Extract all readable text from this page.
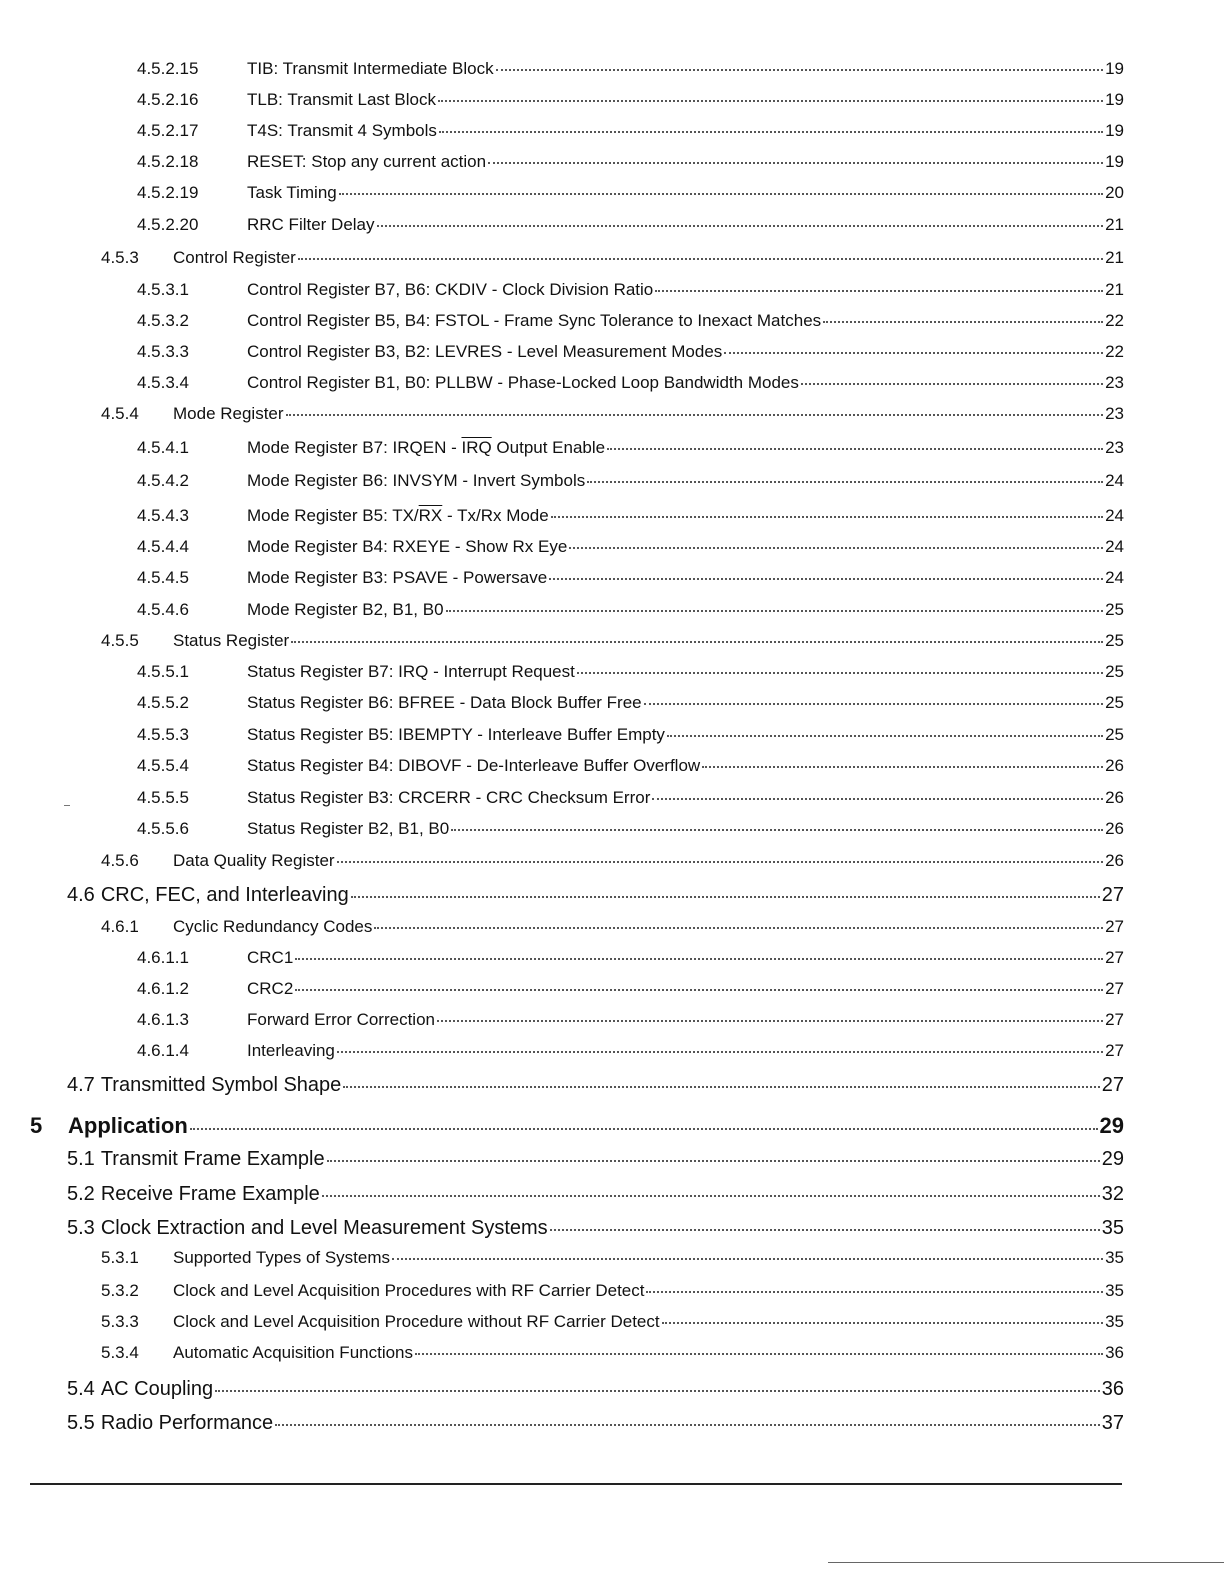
4.5.2.15	TIB: Transmit Intermediate Block	19
4.5.2.16	TLB: Transmit Last Block	19
4.5.2.17	T4S: Transmit 4 Symbols	19
4.5.2.18	RESET: Stop any current action	19
4.5.2.19	Task Timing	20
4.5.2.20	RRC Filter Delay	21
4.5.3	Control Register	21
4.5.3.1	Control Register B7, B6: CKDIV - Clock Division Ratio	21
4.5.3.2	Control Register B5, B4: FSTOL - Frame Sync Tolerance to Inexact Matches	22
4.5.3.3	Control Register B3, B2: LEVRES - Level Measurement Modes	22
4.5.3.4	Control Register B1, B0: PLLBW - Phase-Locked Loop Bandwidth Modes	23
4.5.4	Mode Register	23
4.5.4.1	Mode Register B7: IRQEN - $\overline{IRQ}$ Output Enable	23
4.5.4.2	Mode Register B6: INVSYM - Invert Symbols	24
4.5.4.3	Mode Register B5: $TX/\overline{RX} - Tx/Rx$ Mode	24
4.5.4.4	Mode Register B4: RXEYE - Show Rx Eye	24
4.5.4.5	Mode Register B3: PSAVE - Powersave	24
4.5.4.6	Mode Register B2, B1, B0	25
4.5.5	Status Register	25
4.5.5.1	Status Register B7: IRQ - Interrupt Request	25
4.5.5.2	Status Register B6: BFREE - Data Block Buffer Free	25
4.5.5.3	Status Register B5: IBEMPTY - Interleave Buffer Empty	25
4.5.5.4	Status Register B4: DIBOVF - De-Interleave Buffer Overflow	26
4.5.5.5	Status Register B3: CRCERR - CRC Checksum Error	26
4.5.5.6	Status Register B2, B1, B0	26
4.5.6	Data Quality Register	26
4.6 CRC, FEC, and Interleaving	27
4.6.1	Cyclic Redundancy Codes	27
4.6.1.1	CRC1	27
4.6.1.2	CRC2	27
4.6.1.3	Forward Error Correction	27
4.6.1.4	Interleaving	27
4.7 Transmitted Symbol Shape	27
5	Application	29
5.1 Transmit Frame Example	29
5.2 Receive Frame Example	32
5.3 Clock Extraction and Level Measurement Systems	35
5.3.1	Supported Types of Systems	35
5.3.2	Clock and Level Acquisition Procedures with RF Carrier Detect	35
5.3.3	Clock and Level Acquisition Procedure without RF Carrier Detect	35
5.3.4	Automatic Acquisition Functions	36
5.4 AC Coupling	36
5.5 Radio Performance	37
